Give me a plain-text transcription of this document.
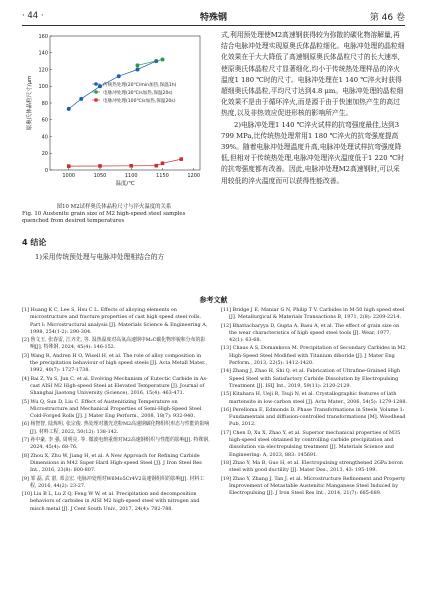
· 44 ·	特殊钢	第 46 卷
1000	1050	1100	1150	1200
0
20
40
60
80
100
120
140
160
温度/℃
原奥氏体晶粒尺寸/μm	传统热处理(20℃/min加热,保温1h)
电脉冲处理(30℃/s加热,保温20s)
电脉冲处理(100℃/s加热,保温20s)
图10 M2试样奥氏体晶粒尺寸与淬火温度的关系
Fig. 10 Austenite grain size of M2 high-speed steel samples quenched from desired temperatures
4 结论

1)采用传统预处理与电脉冲处理相结合的方

式,利用预处理使M2高速钢获得较为弥散的碳化物溶解量,再结合电脉冲处理实现原奥氏体晶粒细化。电脉冲处理的晶粒细化效果在于大大降低了高速钢原奥氏体晶粒尺寸的长大速率,使原奥氏体晶粒尺寸显著细化,均小于传统热处理样品的淬火温度1 180 ℃时的尺寸。电脉冲处理在1 140 ℃淬火时获得超细奥氏体晶粒,平均尺寸达到4.8 μm。电脉冲处理的晶粒细化效果不是由于循环淬火,而是源于由于快速加热产生的高过热度,以及非热效应促进形核的影响所产生。

2)电脉冲处理1 140 ℃淬火试样的抗弯强度最佳,达到3 799 MPa,比传统热处理常用1 180 ℃淬火的抗弯强度提高39%。随着电脉冲处理温度升高,电脉冲处理试样抗弯强度降低,但相对于传统热处理,电脉冲处理淬火温度低于1 220 ℃时的抗弯强度都有改善。因此,电脉冲处理M2高速钢时,可以采用较低的淬火温度而可以获得性能改善。

参考文献
[1] Huang K C, Lee S, Hsu C L. Effects of alloying elements on microstructure and fracture properties of cast high speed steel rolls. Part I: Microstructural analysis [J]. Materials Science & Engineering A, 1998, 254(1-2): 290-304.
[2] 鲁文玉, 张春雷, 江齐先, 等. 温热温度对高氧高速钢中M₂C碳化物形貌和分布的影响[J]. 特殊钢, 2024, 45(4): 146-152.
[3] Wang R, Andren H O, Wisell H, et al. The role of alloy composition in the precipitation behaviour of high speed steels [J]. Acta Metall Mater., 1992, 40(7): 1727-1738.
[4] Bai Z, Yu S, Jun C, et al. Evolving Mechanism of Eutectic Carbide in As-cast AISI M2 High-speed Steel at Elevated Temperature [J]. Journal of Shanghai Jiaotong University (Science), 2016, 15(4): 463-471.
[5] Wu Q, Sun D, Liu C. Effect of Austenitizing Temperature on Microstructure and Mechanical Properties of Semi-High-Speed Steel Cold-Forged Rolls [J]. J Mater Eng Perform., 2008, 18(7): 932-940.
[6] 杨智智, 陆炼明, 张宗俊. 热处理对激光送粉M2高速钢碳化物组织形态与性能的影响[J]. 材料工程, 2022, 50(12): 138-142.
[7] 孙中豪, 李 强, 周明亮, 等. 微波电熔重熔对M2高速钢组织与性能的影响[J]. 特殊钢, 2024, 45(4): 68-76.
[8] Zhou X, Zhu W, Jiang H, et al. A New Approach for Refining Carbide Dimensions in M42 Super Hard High-speed Steel [J]. J Iron Steel Res Int., 2016, 23(8): 800-807.
[9] 邹 磊, 武 湛, 邓会宏. 电脉冲处理对W6Mo5Cr4V2高速钢组织的影响[J]. 材料工程, 2016, 44(2): 23-27.
[10] Liu B L, Lu Z Q, Feng W W, et al. Precipitation and decomposition behaviors of carbides in AISI M2 high-speed steel with nitrogen and misch metal [J]. J Cent South Univ., 2017, 24(4): 782-788.
[11] Bridge J E, Maniar G N, Philip T V. Carbides in M-50 high speed steel [J]. Metallurgical & Materials Transactions B, 1971, 2(8): 2209-2214.
[12] Bhattacharyya D, Gupta A, Basu A, et al. The effect of grain size on the wear characteristics of high speed steel tools [J]. Wear, 1977, 42(1): 63-68.
[13] Chaus A S, Domankova M. Precipitation of Secondary Carbides in M2 High-Speed Steel Modified with Titanium diboride [J]. J Mater Eng Perform., 2013, 22(5): 1412-1420.
[14] Zhang J, Zhao H, Shi Q, et al. Fabrication of Ultrafine-Grained High Speed Steel with Satisfactory Carbide Dissolution by Electropulsing Treatment [J]. ISIJ Int., 2019, 59(11): 2120-2129.
[15] Kitahara H, Ueji R, Tsuji N, et al. Crystallographic features of lath martensite in low-carbon steel [J]. Acta Mater., 2006, 54(5): 1279-1288.
[16] Perelloma E, Edmonds D. Phase Transformations in Steels_Volume 1: Fundamentals and diffusion-controlled transformations [M]. Woodhead Pub, 2012.
[17] Chen D, Xu X, Zhao Y, et al. Superior mechanical properties of M35 high-speed steel obtained by controlling carbide precipitation and dissolution via electropulsing treatment [J]. Materials Science and Engineering: A, 2023, 883: 145691.
[18] Zhao Y, Ma B, Guo H, et al. Electropulsing strengthened 2GPa boron steel with good ductility [J]. Mater Des., 2013, 43: 195-199.
[19] Zhao Y, Zhang J, Tan J, et al. Microstructure Refinement and Property Improvement of Metastable Austenitic Manganese Steel Induced by Electropulsing [J]. J Iron Steel Res Int., 2014, 21(7): 685-689.
